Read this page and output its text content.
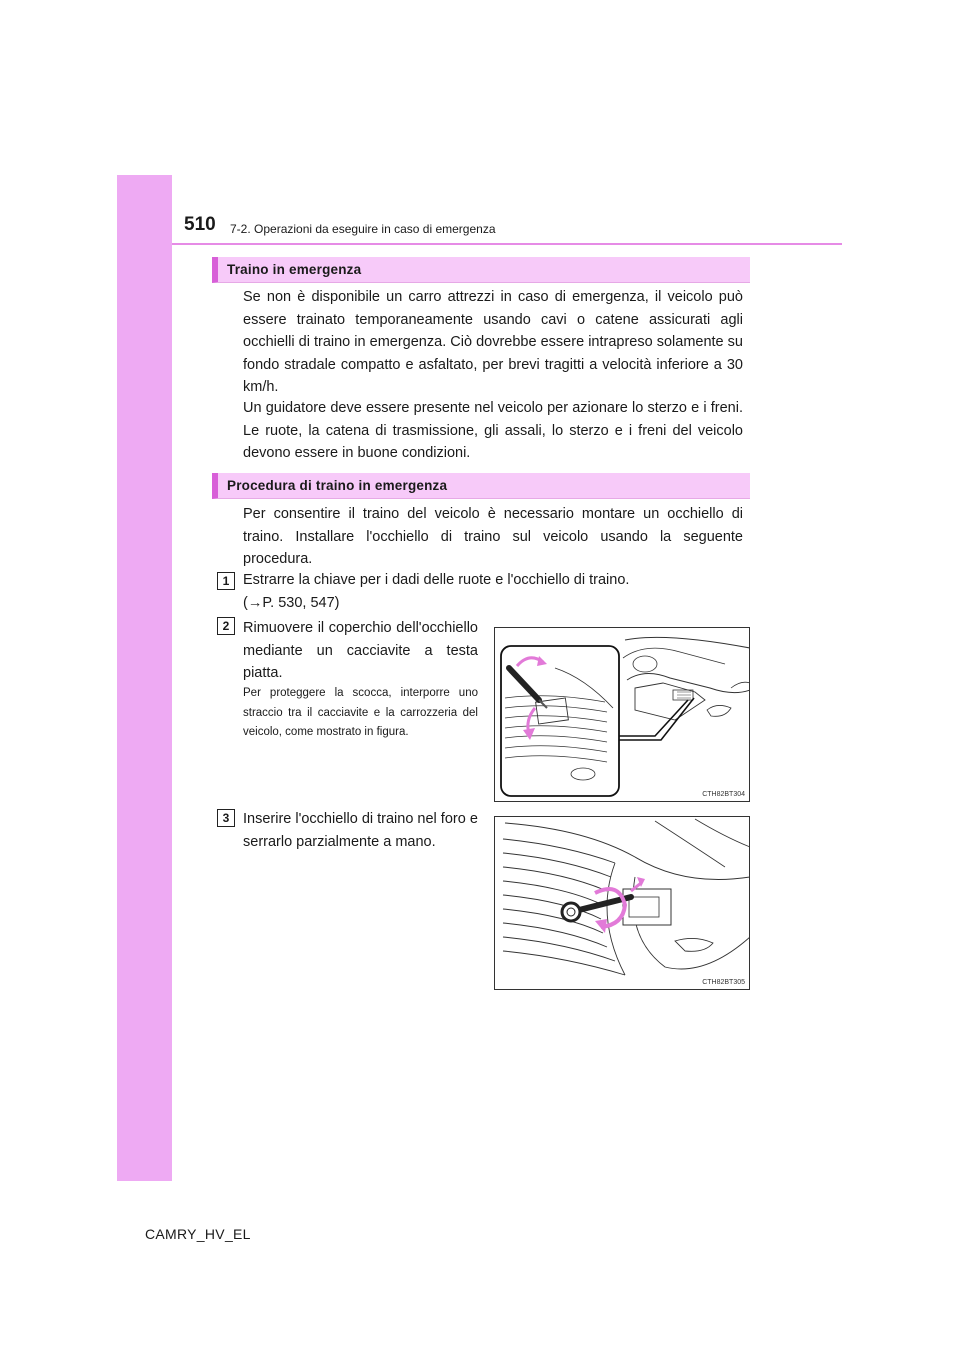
510 7-2. Operazioni da eseguire in caso di emergenza
Traino in emergenza
Se non è disponibile un carro attrezzi in caso di emergenza, il veicolo può essere trainato temporaneamente usando cavi o catene assicurati agli occhielli di traino in emergenza. Ciò dovrebbe essere intrapreso solamente su fondo stradale compatto e asfaltato, per brevi tragitti a velocità inferiore a 30 km/h.
Un guidatore deve essere presente nel veicolo per azionare lo sterzo e i freni. Le ruote, la catena di trasmissione, gli assali, lo sterzo e i freni del veicolo devono essere in buone condizioni.
Procedura di traino in emergenza
Per consentire il traino del veicolo è necessario montare un occhiello di traino. Installare l'occhiello di traino sul veicolo usando la seguente procedura.
1 Estrarre la chiave per i dadi delle ruote e l'occhiello di traino.
(→P. 530, 547)
2 Rimuovere il coperchio dell'occhiello mediante un cacciavite a testa piatta.
Per proteggere la scocca, interporre uno straccio tra il cacciavite e la carrozzeria del veicolo, come mostrato in figura.
CTH82BT304
3 Inserire l'occhiello di traino nel foro e serrarlo parzialmente a mano.
CTH82BT305
CAMRY_HV_EL
